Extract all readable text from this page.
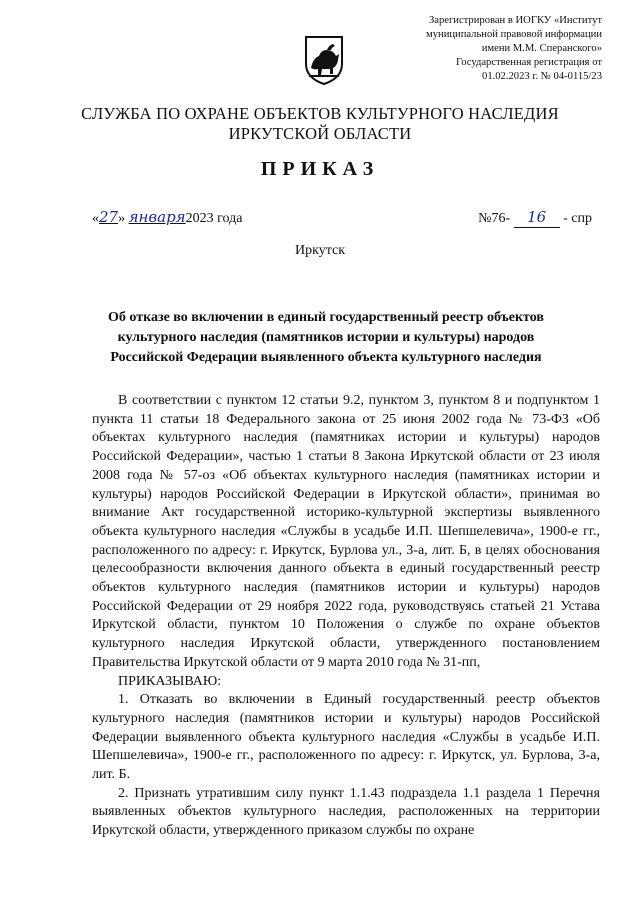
Зарегистрирован в ИОГКУ «Институт
муниципальной правовой информации
имени М.М. Сперанского»
Государственная регистрация от
01.02.2023 г. № 04-0115/23
СЛУЖБА ПО ОХРАНЕ ОБЪЕКТОВ КУЛЬТУРНОГО НАСЛЕДИЯ
ИРКУТСКОЙ ОБЛАСТИ
ПРИКАЗ
«27» января2023 года	№76- 16 - спр
Иркутск
Об отказе во включении в единый государственный реестр объектов культурного наследия (памятников истории и культуры) народов Российской Федерации выявленного объекта культурного наследия

В соответствии с пунктом 12 статьи 9.2, пунктом 3, пунктом 8 и подпунктом 1 пункта 11 статьи 18 Федерального закона от 25 июня 2002 года № 73-ФЗ «Об объектах культурного наследия (памятниках истории и культуры) народов Российской Федерации», частью 1 статьи 8 Закона Иркутской области от 23 июля 2008 года № 57-оз «Об объектах культурного наследия (памятниках истории и культуры) народов Российской Федерации в Иркутской области», принимая во внимание Акт государственной историко-культурной экспертизы выявленного объекта культурного наследия «Службы в усадьбе И.П. Шепшелевича», 1900-е гг., расположенного по адресу: г. Иркутск, Бурлова ул., 3-а, лит. Б, в целях обоснования целесообразности включения данного объекта в единый государственный реестр объектов культурного наследия (памятников истории и культуры) народов Российской Федерации от 29 ноября 2022 года, руководствуясь статьей 21 Устава Иркутской области, пунктом 10 Положения о службе по охране объектов культурного наследия Иркутской области, утвержденного постановлением Правительства Иркутской области от 9 марта 2010 года № 31-пп,

ПРИКАЗЫВАЮ:

1. Отказать во включении в Единый государственный реестр объектов культурного наследия (памятников истории и культуры) народов Российской Федерации выявленного объекта культурного наследия «Службы в усадьбе И.П. Шепшелевича», 1900-е гг., расположенного по адресу: г. Иркутск, ул. Бурлова, 3-а, лит. Б.

2. Признать утратившим силу пункт 1.1.43 подраздела 1.1 раздела 1 Перечня выявленных объектов культурного наследия, расположенных на территории Иркутской области, утвержденного приказом службы по охране
